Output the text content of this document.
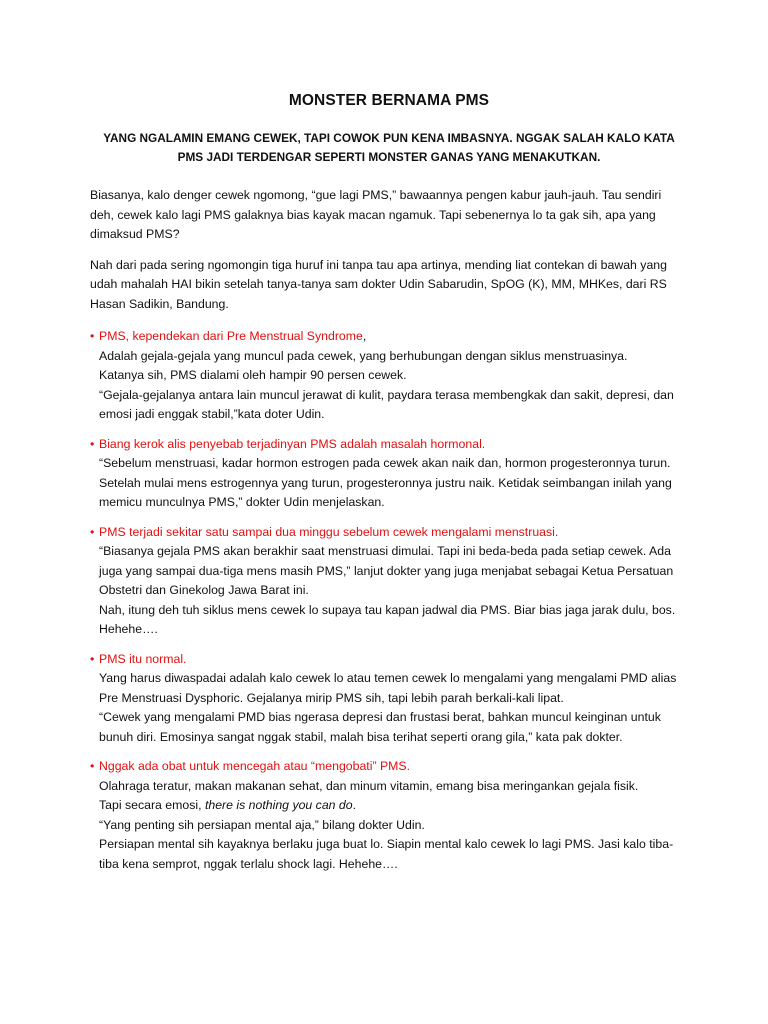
MONSTER BERNAMA PMS
YANG NGALAMIN EMANG CEWEK, TAPI COWOK PUN KENA IMBASNYA. NGGAK SALAH KALO KATA PMS JADI TERDENGAR SEPERTI MONSTER GANAS YANG MENAKUTKAN.

Biasanya, kalo denger cewek ngomong, “gue lagi PMS,” bawaannya pengen kabur jauh-jauh. Tau sendiri deh, cewek kalo lagi PMS galaknya bias kayak macan ngamuk. Tapi sebenernya lo ta gak sih, apa yang dimaksud PMS?

Nah dari pada sering ngomongin tiga huruf ini tanpa tau apa artinya, mending liat contekan di bawah yang udah mahalah HAI bikin setelah tanya-tanya sam dokter Udin Sabarudin, SpOG (K), MM, MHKes, dari RS Hasan Sadikin, Bandung.

• PMS, kependekan dari Pre Menstrual Syndrome,

Adalah gejala-gejala yang muncul pada cewek, yang berhubungan dengan siklus menstruasinya.

Katanya sih, PMS dialami oleh hampir 90 persen cewek.

“Gejala-gejalanya antara lain muncul jerawat di kulit, paydara terasa membengkak dan sakit, depresi, dan emosi jadi enggak stabil,”kata doter Udin.

• Biang kerok alis penyebab terjadinyan PMS adalah masalah hormonal.

“Sebelum menstruasi, kadar hormon estrogen pada cewek akan naik dan, hormon progesteronnya turun. Setelah mulai mens estrogennya yang turun, progesteronnya justru naik. Ketidak seimbangan inilah yang memicu munculnya PMS,” dokter Udin menjelaskan.

• PMS terjadi sekitar satu sampai dua minggu sebelum cewek mengalami menstruasi.

“Biasanya gejala PMS akan berakhir saat menstruasi dimulai. Tapi ini beda-beda pada setiap cewek. Ada juga yang sampai dua-tiga mens masih PMS,” lanjut dokter yang juga menjabat sebagai Ketua Persatuan Obstetri dan Ginekolog Jawa Barat ini.

Nah, itung deh tuh siklus mens cewek lo supaya tau kapan jadwal dia PMS. Biar bias jaga jarak dulu, bos. Hehehe….

• PMS itu normal.

Yang harus diwaspadai adalah kalo cewek lo atau temen cewek lo mengalami yang mengalami PMD alias Pre Menstruasi Dysphoric. Gejalanya mirip PMS sih, tapi lebih parah berkali-kali lipat.

“Cewek yang mengalami PMD bias ngerasa depresi dan frustasi berat, bahkan muncul keinginan untuk bunuh diri. Emosinya sangat nggak stabil, malah bisa terihat seperti orang gila,” kata pak dokter.

• Nggak ada obat untuk mencegah atau “mengobati” PMS.

Olahraga teratur, makan makanan sehat, dan minum vitamin, emang bisa meringankan gejala fisik.

Tapi secara emosi, there is nothing you can do.

“Yang penting sih persiapan mental aja,” bilang dokter Udin.

Persiapan mental sih kayaknya berlaku juga buat lo. Siapin mental kalo cewek lo lagi PMS. Jasi kalo tiba-tiba kena semprot, nggak terlalu shock lagi. Hehehe….
